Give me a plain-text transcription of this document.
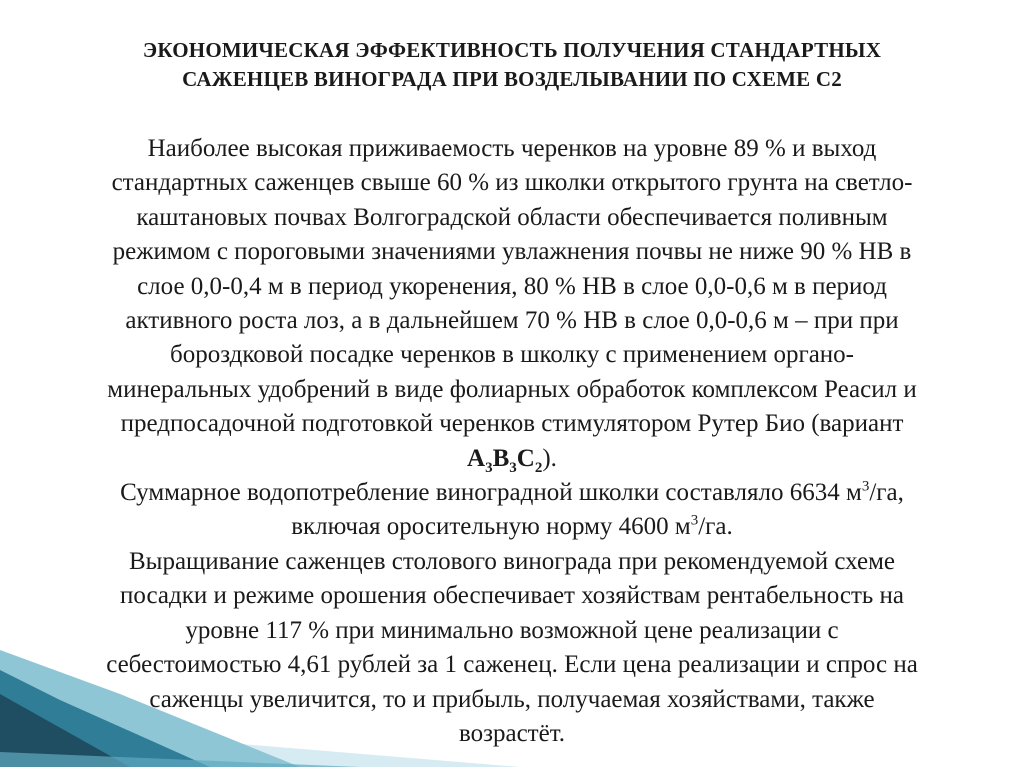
ЭКОНОМИЧЕСКАЯ ЭФФЕКТИВНОСТЬ ПОЛУЧЕНИЯ СТАНДАРТНЫХ
САЖЕНЦЕВ ВИНОГРАДА ПРИ ВОЗДЕЛЫВАНИИ ПО СХЕМЕ С2
Наиболее высокая приживаемость черенков на уровне 89 % и выход
стандартных саженцев свыше 60 % из школки открытого грунта на светло-
каштановых почвах Волгоградской области обеспечивается поливным
режимом с пороговыми значениями увлажнения почвы не ниже 90 % НВ в
слое 0,0-0,4 м в период укоренения, 80 % НВ в слое 0,0-0,6 м в период
активного роста лоз, а в дальнейшем 70 % НВ в слое 0,0-0,6 м – при при
бороздковой посадке черенков в школку с применением органо-
минеральных удобрений в виде фолиарных обработок комплексом Реасил и
предпосадочной подготовкой черенков стимулятором Рутер Био (вариант
$А_3В_3С_2$).
Суммарное водопотребление виноградной школки составляло 6634 $м^3/га$,
включая оросительную норму 4600 $м^3/га$.
Выращивание саженцев столового винограда при рекомендуемой схеме
посадки и режиме орошения обеспечивает хозяйствам рентабельность на
уровне 117 % при минимально возможной цене реализации с
себестоимостью 4,61 рублей за 1 саженец. Если цена реализации и спрос на
саженцы увеличится, то и прибыль, получаемая хозяйствами, также
возрастёт.
